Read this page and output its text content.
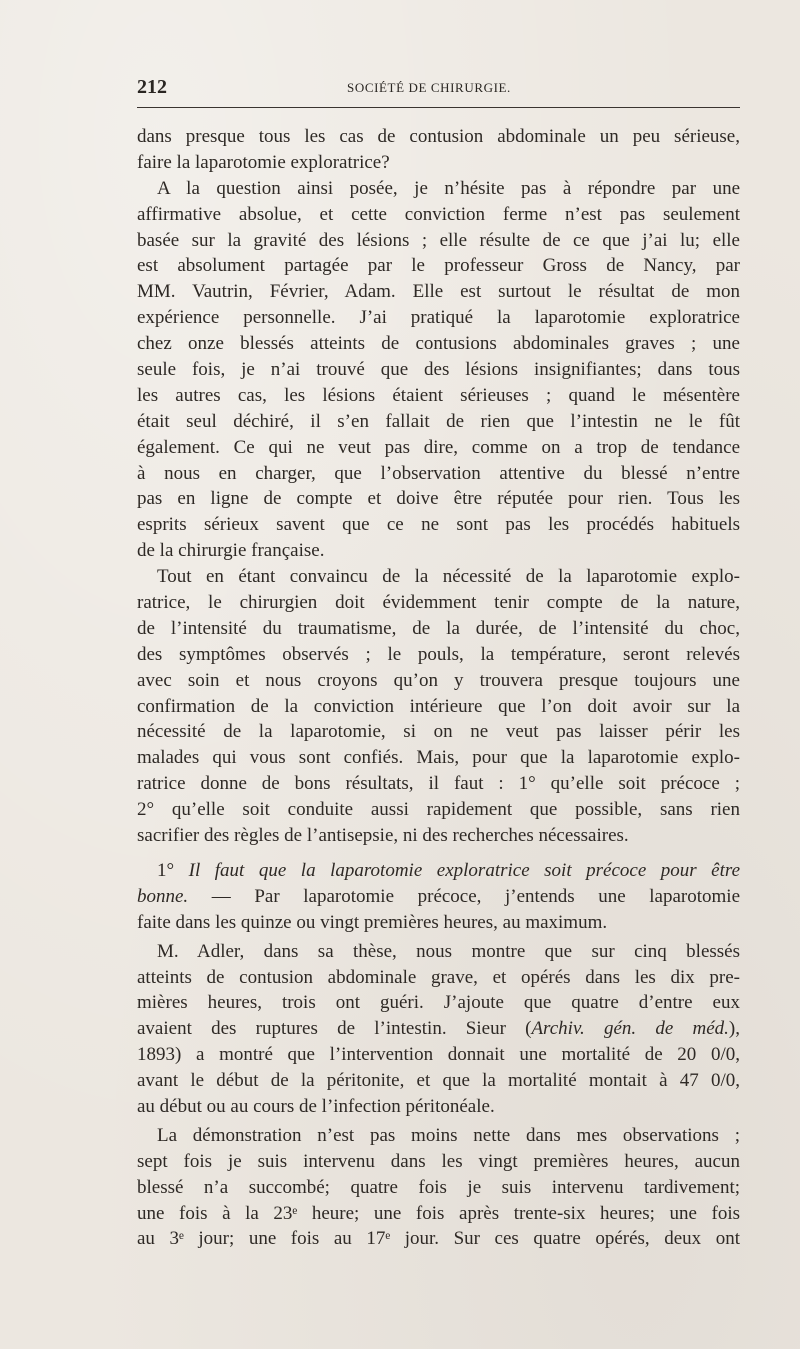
212	SOCIÉTÉ DE CHIRURGIE.
dans presque tous les cas de contusion abdominale un peu sérieuse,
faire la laparotomie exploratrice?
A la question ainsi posée, je n’hésite pas à répondre par une
affirmative absolue, et cette conviction ferme n’est pas seulement
basée sur la gravité des lésions ; elle résulte de ce que j’ai lu; elle
est absolument partagée par le professeur Gross de Nancy, par
MM. Vautrin, Février, Adam. Elle est surtout le résultat de mon
expérience personnelle. J’ai pratiqué la laparotomie exploratrice
chez onze blessés atteints de contusions abdominales graves ; une
seule fois, je n’ai trouvé que des lésions insignifiantes; dans tous
les autres cas, les lésions étaient sérieuses ; quand le mésentère
était seul déchiré, il s’en fallait de rien que l’intestin ne le fût
également. Ce qui ne veut pas dire, comme on a trop de tendance
à nous en charger, que l’observation attentive du blessé n’entre
pas en ligne de compte et doive être réputée pour rien. Tous les
esprits sérieux savent que ce ne sont pas les procédés habituels
de la chirurgie française.
Tout en étant convaincu de la nécessité de la laparotomie explo-
ratrice, le chirurgien doit évidemment tenir compte de la nature,
de l’intensité du traumatisme, de la durée, de l’intensité du choc,
des symptômes observés ; le pouls, la température, seront relevés
avec soin et nous croyons qu’on y trouvera presque toujours une
confirmation de la conviction intérieure que l’on doit avoir sur la
nécessité de la laparotomie, si on ne veut pas laisser périr les
malades qui vous sont confiés. Mais, pour que la laparotomie explo-
ratrice donne de bons résultats, il faut : 1° qu’elle soit précoce ;
2° qu’elle soit conduite aussi rapidement que possible, sans rien
sacrifier des règles de l’antisepsie, ni des recherches nécessaires.
1° Il faut que la laparotomie exploratrice soit précoce pour être
bonne. — Par laparotomie précoce, j’entends une laparotomie
faite dans les quinze ou vingt premières heures, au maximum.
M. Adler, dans sa thèse, nous montre que sur cinq blessés
atteints de contusion abdominale grave, et opérés dans les dix pre-
mières heures, trois ont guéri. J’ajoute que quatre d’entre eux
avaient des ruptures de l’intestin. Sieur (Archiv. gén. de méd.),
1893) a montré que l’intervention donnait une mortalité de 20 0/0,
avant le début de la péritonite, et que la mortalité montait à 47 0/0,
au début ou au cours de l’infection péritonéale.
La démonstration n’est pas moins nette dans mes observations ;
sept fois je suis intervenu dans les vingt premières heures, aucun
blessé n’a succombé; quatre fois je suis intervenu tardivement;
une fois à la 23ᵉ heure; une fois après trente-six heures; une fois
au 3ᵉ jour; une fois au 17ᵉ jour. Sur ces quatre opérés, deux ont
